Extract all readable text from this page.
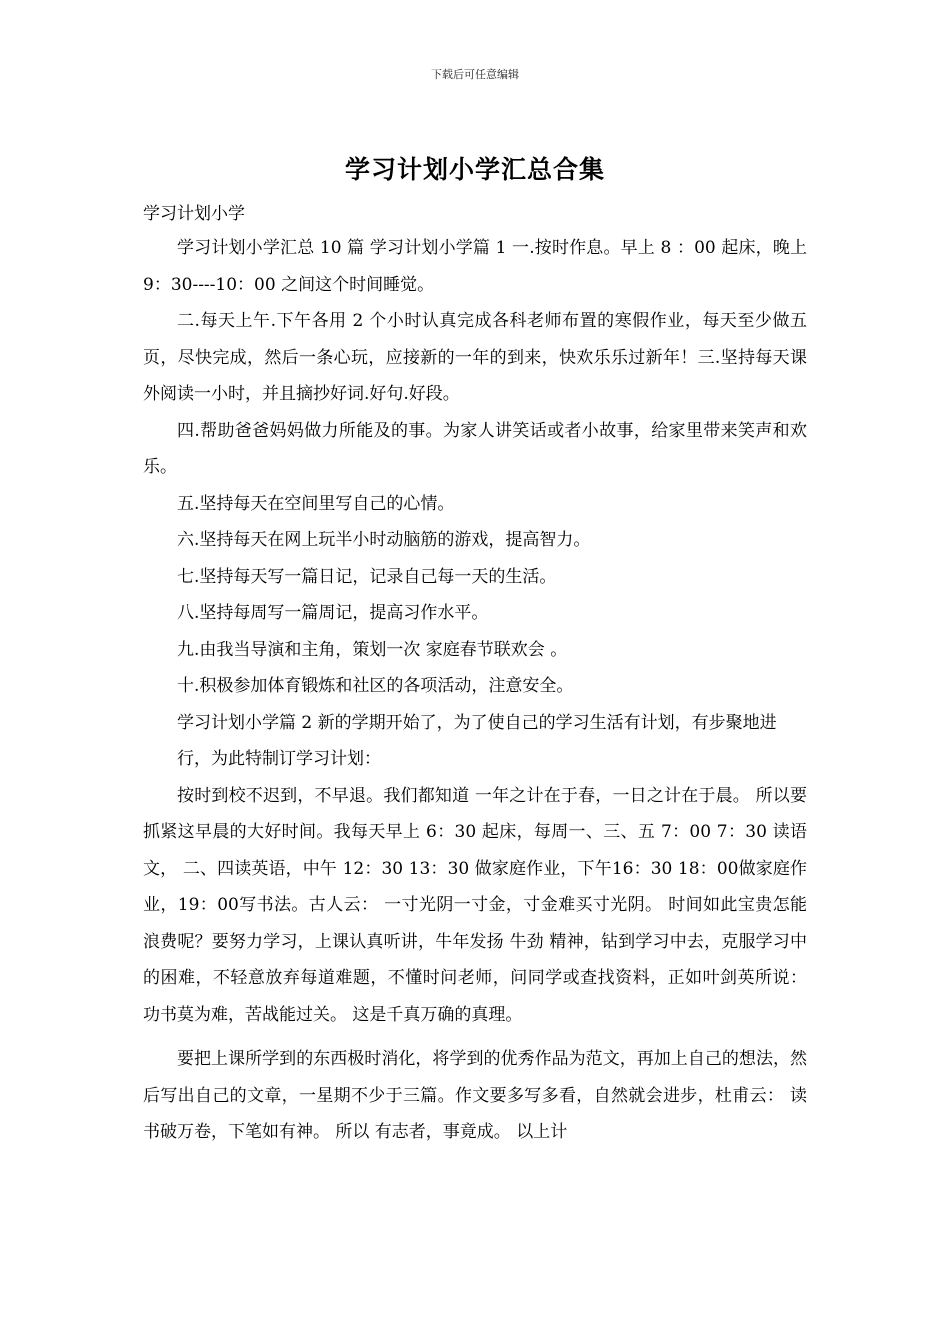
下载后可任意编辑
学习计划小学汇总合集
学习计划小学

学习计划小学汇总 10 篇 学习计划小学篇 1 一.按时作息。早上 8 ：00 起床，晚上 9：30----10：00 之间这个时间睡觉。

二.每天上午.下午各用 2 个小时认真完成各科老师布置的寒假作业，每天至少做五页，尽快完成，然后一条心玩，应接新的一年的到来，快欢乐乐过新年！三.坚持每天课外阅读一小时，并且摘抄好词.好句.好段。

四.帮助爸爸妈妈做力所能及的事。为家人讲笑话或者小故事，给家里带来笑声和欢乐。

五.坚持每天在空间里写自己的心情。

六.坚持每天在网上玩半小时动脑筋的游戏，提高智力。

七.坚持每天写一篇日记，记录自己每一天的生活。

八.坚持每周写一篇周记，提高习作水平。

九.由我当导演和主角，策划一次 家庭春节联欢会 。

十.积极参加体育锻炼和社区的各项活动，注意安全。

学习计划小学篇 2 新的学期开始了，为了使自己的学习生活有计划，有步聚地进

行，为此特制订学习计划：

按时到校不迟到，不早退。我们都知道 一年之计在于春，一日之计在于晨。 所以要抓紧这早晨的大好时间。我每天早上 6：30 起床，每周一、三、五 7：00 7：30 读语文， 二、四读英语，中午 12：30 13：30 做家庭作业，下午16：30 18：00做家庭作业，19：00写书法。古人云： 一寸光阴一寸金，寸金难买寸光阴。 时间如此宝贵怎能浪费呢？要努力学习，上课认真听讲，牛年发扬 牛劲 精神，钻到学习中去，克服学习中的困难，不轻意放弃每道难题，不懂时问老师，问同学或查找资料，正如叶剑英所说： 功书莫为难，苦战能过关。 这是千真万确的真理。

要把上课所学到的东西极时消化，将学到的优秀作品为范文，再加上自己的想法，然后写出自己的文章，一星期不少于三篇。作文要多写多看，自然就会进步，杜甫云： 读书破万卷，下笔如有神。 所以 有志者，事竟成。 以上计
